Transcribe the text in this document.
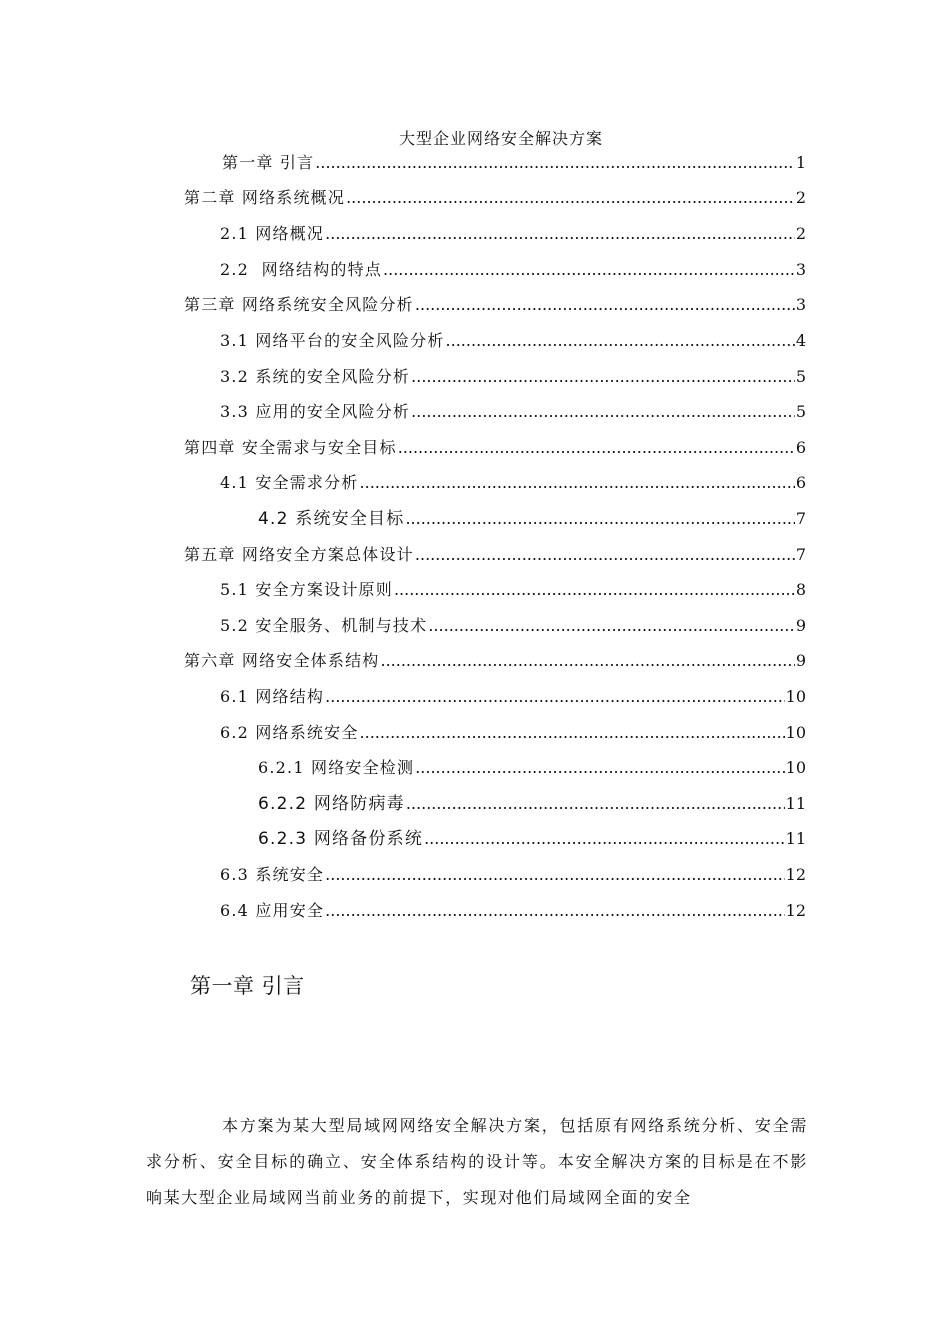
大型企业网络安全解决方案
第一章 引言 .....	1
第二章 网络系统概况 .....	2
2.1 网络概况 .....	2
2.2  网络结构的特点 .....	3
第三章 网络系统安全风险分析 .....	3
3.1 网络平台的安全风险分析 .....	4
3.2 系统的安全风险分析 .....	5
3.3 应用的安全风险分析 .....	5
第四章 安全需求与安全目标 .....	6
4.1 安全需求分析 .....	6
4.2 系统安全目标 .....	7
第五章 网络安全方案总体设计 .....	7
5.1 安全方案设计原则 .....	8
5.2 安全服务、机制与技术 .....	9
第六章 网络安全体系结构 .....	9
6.1 网络结构 .....	10
6.2 网络系统安全 .....	10
6.2.1 网络安全检测 .....	10
6.2.2 网络防病毒 .....	11
6.2.3 网络备份系统 .....	11
6.3 系统安全 .....	12
6.4 应用安全 .....	12
第一章 引言

本方案为某大型局域网网络安全解决方案，包括原有网络系统分析、安全需求分析、安全目标的确立、安全体系结构的设计等。本安全解决方案的目标是在不影响某大型企业局域网当前业务的前提下，实现对他们局域网全面的安全
